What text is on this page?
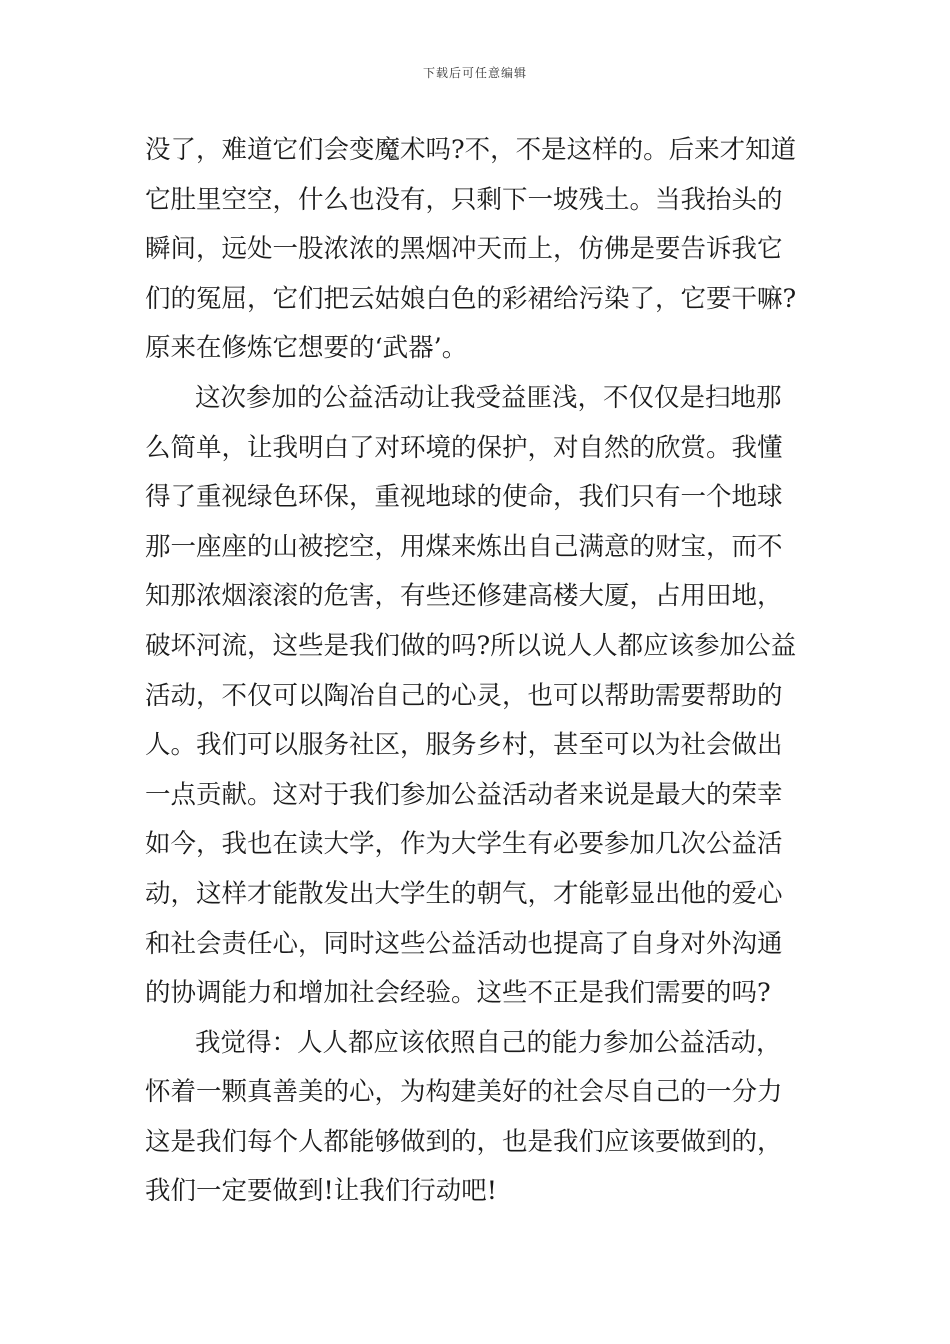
下载后可任意编辑
没了，难道它们会变魔术吗?不，不是这样的。后来才知道
它肚里空空，什么也没有，只剩下一坡残土。当我抬头的
瞬间，远处一股浓浓的黑烟冲天而上，仿佛是要告诉我它
们的冤屈，它们把云姑娘白色的彩裙给污染了，它要干嘛?
原来在修炼它想要的‘武器’。
这次参加的公益活动让我受益匪浅，不仅仅是扫地那
么简单，让我明白了对环境的保护，对自然的欣赏。我懂
得了重视绿色环保，重视地球的使命，我们只有一个地球
那一座座的山被挖空，用煤来炼出自己满意的财宝，而不
知那浓烟滚滚的危害，有些还修建高楼大厦，占用田地，
破坏河流，这些是我们做的吗?所以说人人都应该参加公益
活动，不仅可以陶冶自己的心灵，也可以帮助需要帮助的
人。我们可以服务社区，服务乡村，甚至可以为社会做出
一点贡献。这对于我们参加公益活动者来说是最大的荣幸
如今，我也在读大学，作为大学生有必要参加几次公益活
动，这样才能散发出大学生的朝气，才能彰显出他的爱心
和社会责任心，同时这些公益活动也提高了自身对外沟通
的协调能力和增加社会经验。这些不正是我们需要的吗?
我觉得：人人都应该依照自己的能力参加公益活动，
怀着一颗真善美的心，为构建美好的社会尽自己的一分力
这是我们每个人都能够做到的，也是我们应该要做到的，
我们一定要做到!让我们行动吧!
